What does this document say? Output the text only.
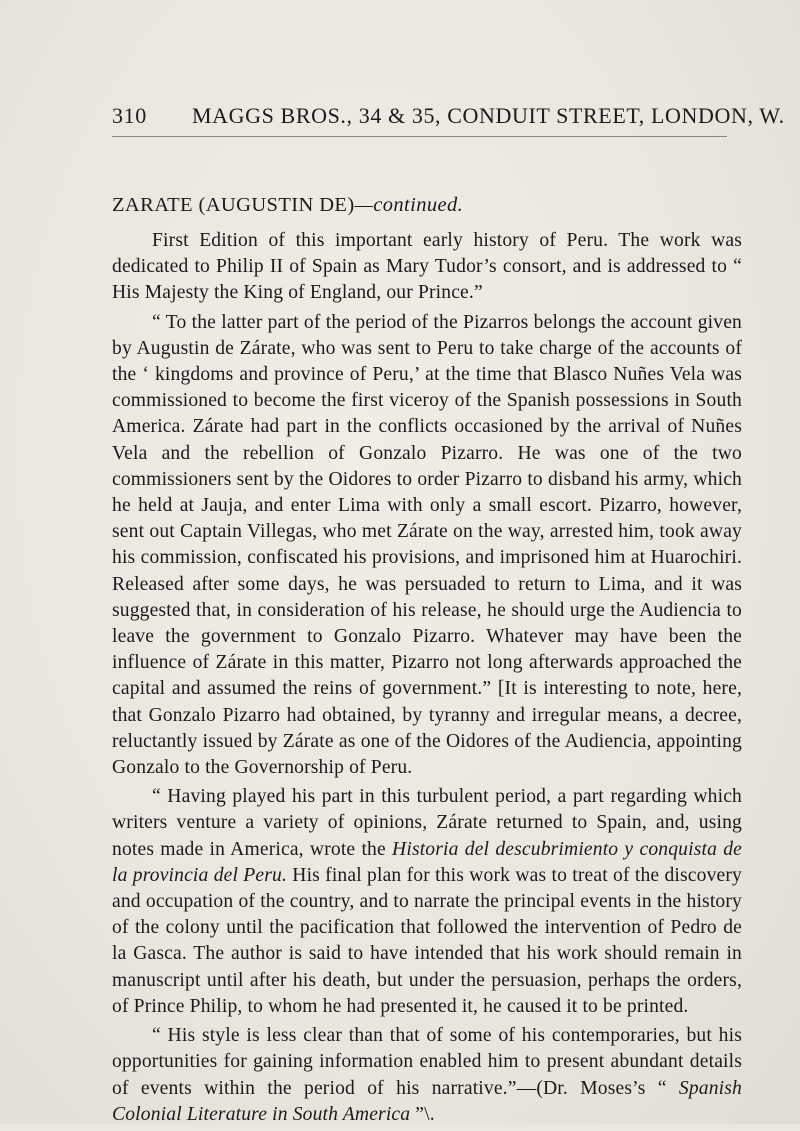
310 MAGGS BROS., 34 & 35, CONDUIT STREET, LONDON, W.
ZARATE (AUGUSTIN DE)—continued.

First Edition of this important early history of Peru. The work was dedicated to Philip II of Spain as Mary Tudor’s consort, and is addressed to “ His Majesty the King of England, our Prince.”

“ To the latter part of the period of the Pizarros belongs the account given by Augustin de Zárate, who was sent to Peru to take charge of the accounts of the ‘ kingdoms and province of Peru,’ at the time that Blasco Nuñes Vela was commissioned to become the first viceroy of the Spanish possessions in South America. Zárate had part in the conflicts occasioned by the arrival of Nuñes Vela and the rebellion of Gonzalo Pizarro. He was one of the two commissioners sent by the Oidores to order Pizarro to disband his army, which he held at Jauja, and enter Lima with only a small escort. Pizarro, however, sent out Captain Villegas, who met Zárate on the way, arrested him, took away his commission, confiscated his provisions, and imprisoned him at Huarochiri. Released after some days, he was persuaded to return to Lima, and it was suggested that, in consideration of his release, he should urge the Audiencia to leave the government to Gonzalo Pizarro. Whatever may have been the influence of Zárate in this matter, Pizarro not long afterwards approached the capital and assumed the reins of government.” [It is interesting to note, here, that Gonzalo Pizarro had obtained, by tyranny and irregular means, a decree, reluctantly issued by Zárate as one of the Oidores of the Audiencia, appointing Gonzalo to the Governorship of Peru.

“ Having played his part in this turbulent period, a part regarding which writers venture a variety of opinions, Zárate returned to Spain, and, using notes made in America, wrote the Historia del descubrimiento y conquista de la provincia del Peru. His final plan for this work was to treat of the discovery and occupation of the country, and to narrate the principal events in the history of the colony until the pacification that followed the intervention of Pedro de la Gasca. The author is said to have intended that his work should remain in manuscript until after his death, but under the persuasion, perhaps the orders, of Prince Philip, to whom he had presented it, he caused it to be printed.

“ His style is less clear than that of some of his contemporaries, but his opportunities for gaining information enabled him to present abundant details of events within the period of his narrative.”—(Dr. Moses’s “ Spanish Colonial Literature in South America ”\.
